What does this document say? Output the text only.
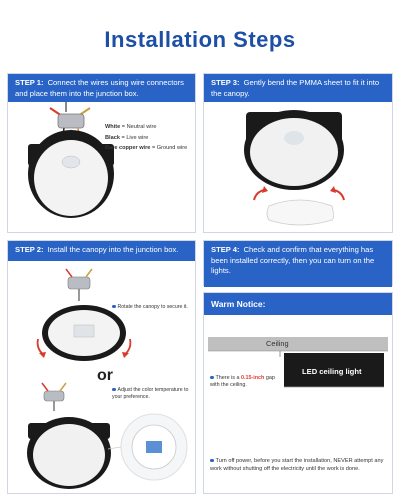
Installation Steps
STEP 1: Connect the wires using wire connectors and place them into the junction box.
White = Neutral wire
Black = Live wire
Bare copper wire = Ground wire
STEP 3: Gently bend the PMMA sheet to fit it into the canopy.
STEP 2: Install the canopy into the junction box.
Rotate the canopy to secure it.
or
Adjust the color temperature to your preference.
STEP 4: Check and confirm that everything has been installed correctly, then you can turn on the lights.
Warm Notice:
Ceiling
LED ceiling light
There is a 0.15-inch gap with the ceiling.
Turn off power, before you start the installation, NEVER attempt any work without shutting off the electricity until the work is done.
